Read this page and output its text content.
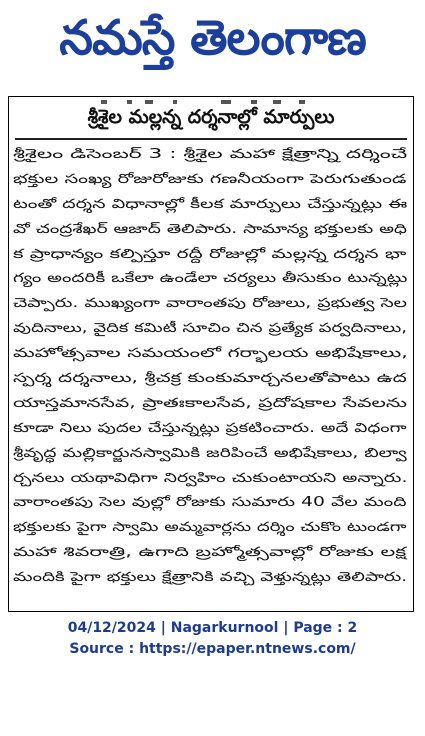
నమస్తే తెలంగాణ
శ్రీశైల మల్లన్న దర్శనాల్లో మార్పులు

శ్రీశైలం డిసెంబర్‌ 3 : శ్రీశైల మహా క్షేత్రాన్ని దర్శించే
భక్తుల సంఖ్య రోజురోజుకు గణనీయంగా పెరుగుతుండ
టంతో దర్శన విధానాల్లో కీలక మార్పులు చేస్తున్నట్లు ఈ
వో చంద్రశేఖర్‌ ఆజాద్‌ తెలిపారు. సామాన్య భక్తులకు అధి
క ప్రాధాన్యం కల్పిస్తూ రద్దీ రోజుల్లో మల్లన్న దర్శన భా
గ్యం అందరికీ ఒకేలా ఉండేలా చర్యలు తీసుకుం టున్నట్లు
చెప్పారు. ముఖ్యంగా వారాంతపు రోజులు, ప్రభుత్వ సెల
వుదినాలు, వైదిక కమిటీ సూచిం చిన ప్రత్యేక పర్వదినాలు,
మహోత్సవాల సమయంలో గర్భాలయ అభిషేకాలు,
స్పర్శ దర్శనాలు, శ్రీచక్ర కుంకుమార్చనలతోపాటు ఉద
యాస్తమానసేవ, ప్రాతఃకాలసేవ, ప్రదోషకాల సేవలను
కూడా నిలు పుదల చేస్తున్నట్లు ప్రకటించారు. అదే విధంగా
శ్రీవృద్ధ మల్లికార్జునస్వామికి జరిపించే అభిషేకాలు, బిల్వా
ర్చనలు యథావిధిగా నిర్వహిం చుకుంటాయని అన్నారు.
వారాంతపు సెల వుల్లో రోజుకు సుమారు 40 వేల మంది
భక్తులకు పైగా స్వామి అమ్మవార్లను దర్శిం చుకొం టుండగా
మహా శివరాత్రి, ఉగాది బ్రహ్మోత్సవాల్లో రోజుకు లక్ష
మందికి పైగా భక్తులు క్షేత్రానికి వచ్చి వెళ్తున్నట్లు తెలిపారు.

04/12/2024 | Nagarkurnool | Page : 2
Source : https://epaper.ntnews.com/
